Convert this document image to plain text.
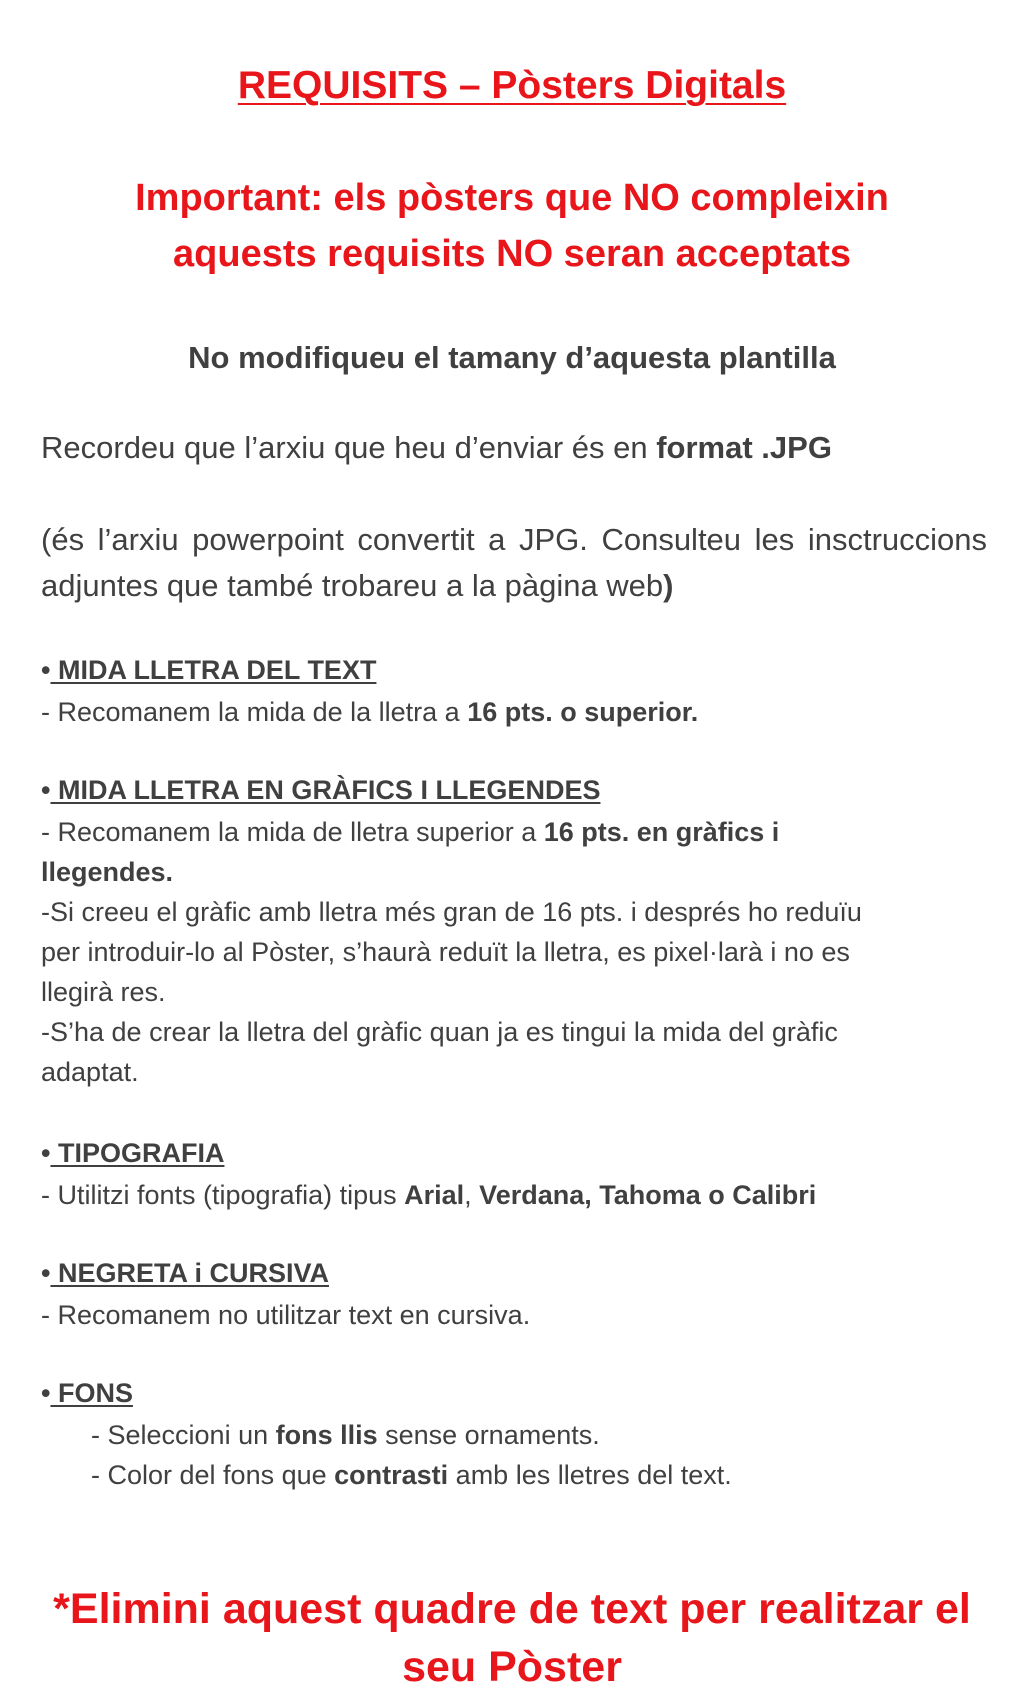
REQUISITS – Pòsters Digitals
Important: els pòsters que NO compleixin
aquests requisits NO seran acceptats
No modifiqueu el tamany d’aquesta plantilla
Recordeu que l’arxiu que heu d’enviar és en format .JPG
(és l’arxiu powerpoint convertit a JPG. Consulteu les insctruccions adjuntes que també trobareu a la pàgina web)
• MIDA LLETRA DEL TEXT
- Recomanem la mida de la lletra a 16 pts. o superior.
• MIDA LLETRA EN GRÀFICS I LLEGENDES
- Recomanem la mida de lletra superior a 16 pts. en gràfics i
llegendes.
-Si creeu el gràfic amb lletra més gran de 16 pts. i després ho reduïu
per introduir-lo al Pòster, s’haurà reduït la lletra, es pixel·larà i no es
llegirà res.
-S’ha de crear la lletra del gràfic quan ja es tingui la mida del gràfic
adaptat.
• TIPOGRAFIA
- Utilitzi fonts (tipografia) tipus Arial, Verdana, Tahoma o Calibri
• NEGRETA i CURSIVA
- Recomanem no utilitzar text en cursiva.
• FONS
- Seleccioni un fons llis sense ornaments.
- Color del fons que contrasti amb les lletres del text.
*Elimini aquest quadre de text per realitzar el
seu Pòster
